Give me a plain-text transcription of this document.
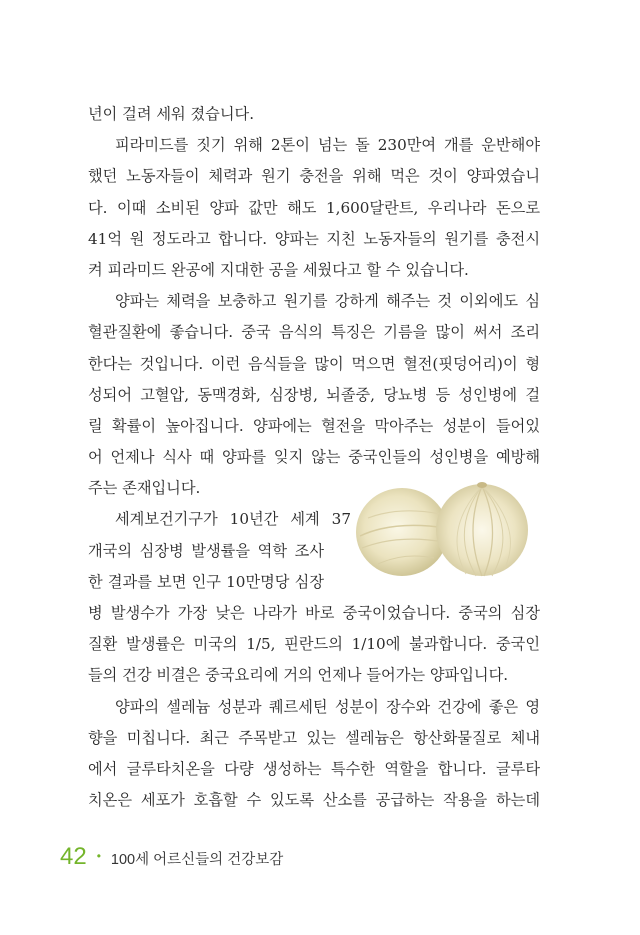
년이 걸려 세워 졌습니다.
피라미드를 짓기 위해 2톤이 넘는 돌 230만여 개를 운반해야
했던 노동자들이 체력과 원기 충전을 위해 먹은 것이 양파였습니
다. 이때 소비된 양파 값만 해도 1,600달란트, 우리나라 돈으로
41억 원 정도라고 합니다. 양파는 지친 노동자들의 원기를 충전시
켜 피라미드 완공에 지대한 공을 세웠다고 할 수 있습니다.
양파는 체력을 보충하고 원기를 강하게 해주는 것 이외에도 심
혈관질환에 좋습니다. 중국 음식의 특징은 기름을 많이 써서 조리
한다는 것입니다. 이런 음식들을 많이 먹으면 혈전(핏덩어리)이 형
성되어 고혈압, 동맥경화, 심장병, 뇌졸중, 당뇨병 등 성인병에 걸
릴 확률이 높아집니다. 양파에는 혈전을 막아주는 성분이 들어있
어 언제나 식사 때 양파를 잊지 않는 중국인들의 성인병을 예방해
주는 존재입니다.
세계보건기구가 10년간 세계 37
개국의 심장병 발생률을 역학 조사
한 결과를 보면 인구 10만명당 심장
병 발생수가 가장 낮은 나라가 바로 중국이었습니다. 중국의 심장
질환 발생률은 미국의 1/5, 핀란드의 1/10에 불과합니다. 중국인
들의 건강 비결은 중국요리에 거의 언제나 들어가는 양파입니다.
양파의 셀레늄 성분과 퀘르세틴 성분이 장수와 건강에 좋은 영
향을 미칩니다. 최근 주목받고 있는 셀레늄은 항산화물질로 체내
에서 글루타치온을 다량 생성하는 특수한 역할을 합니다. 글루타
치온은 세포가 호흡할 수 있도록 산소를 공급하는 작용을 하는데
42 • 100세 어르신들의 건강보감
